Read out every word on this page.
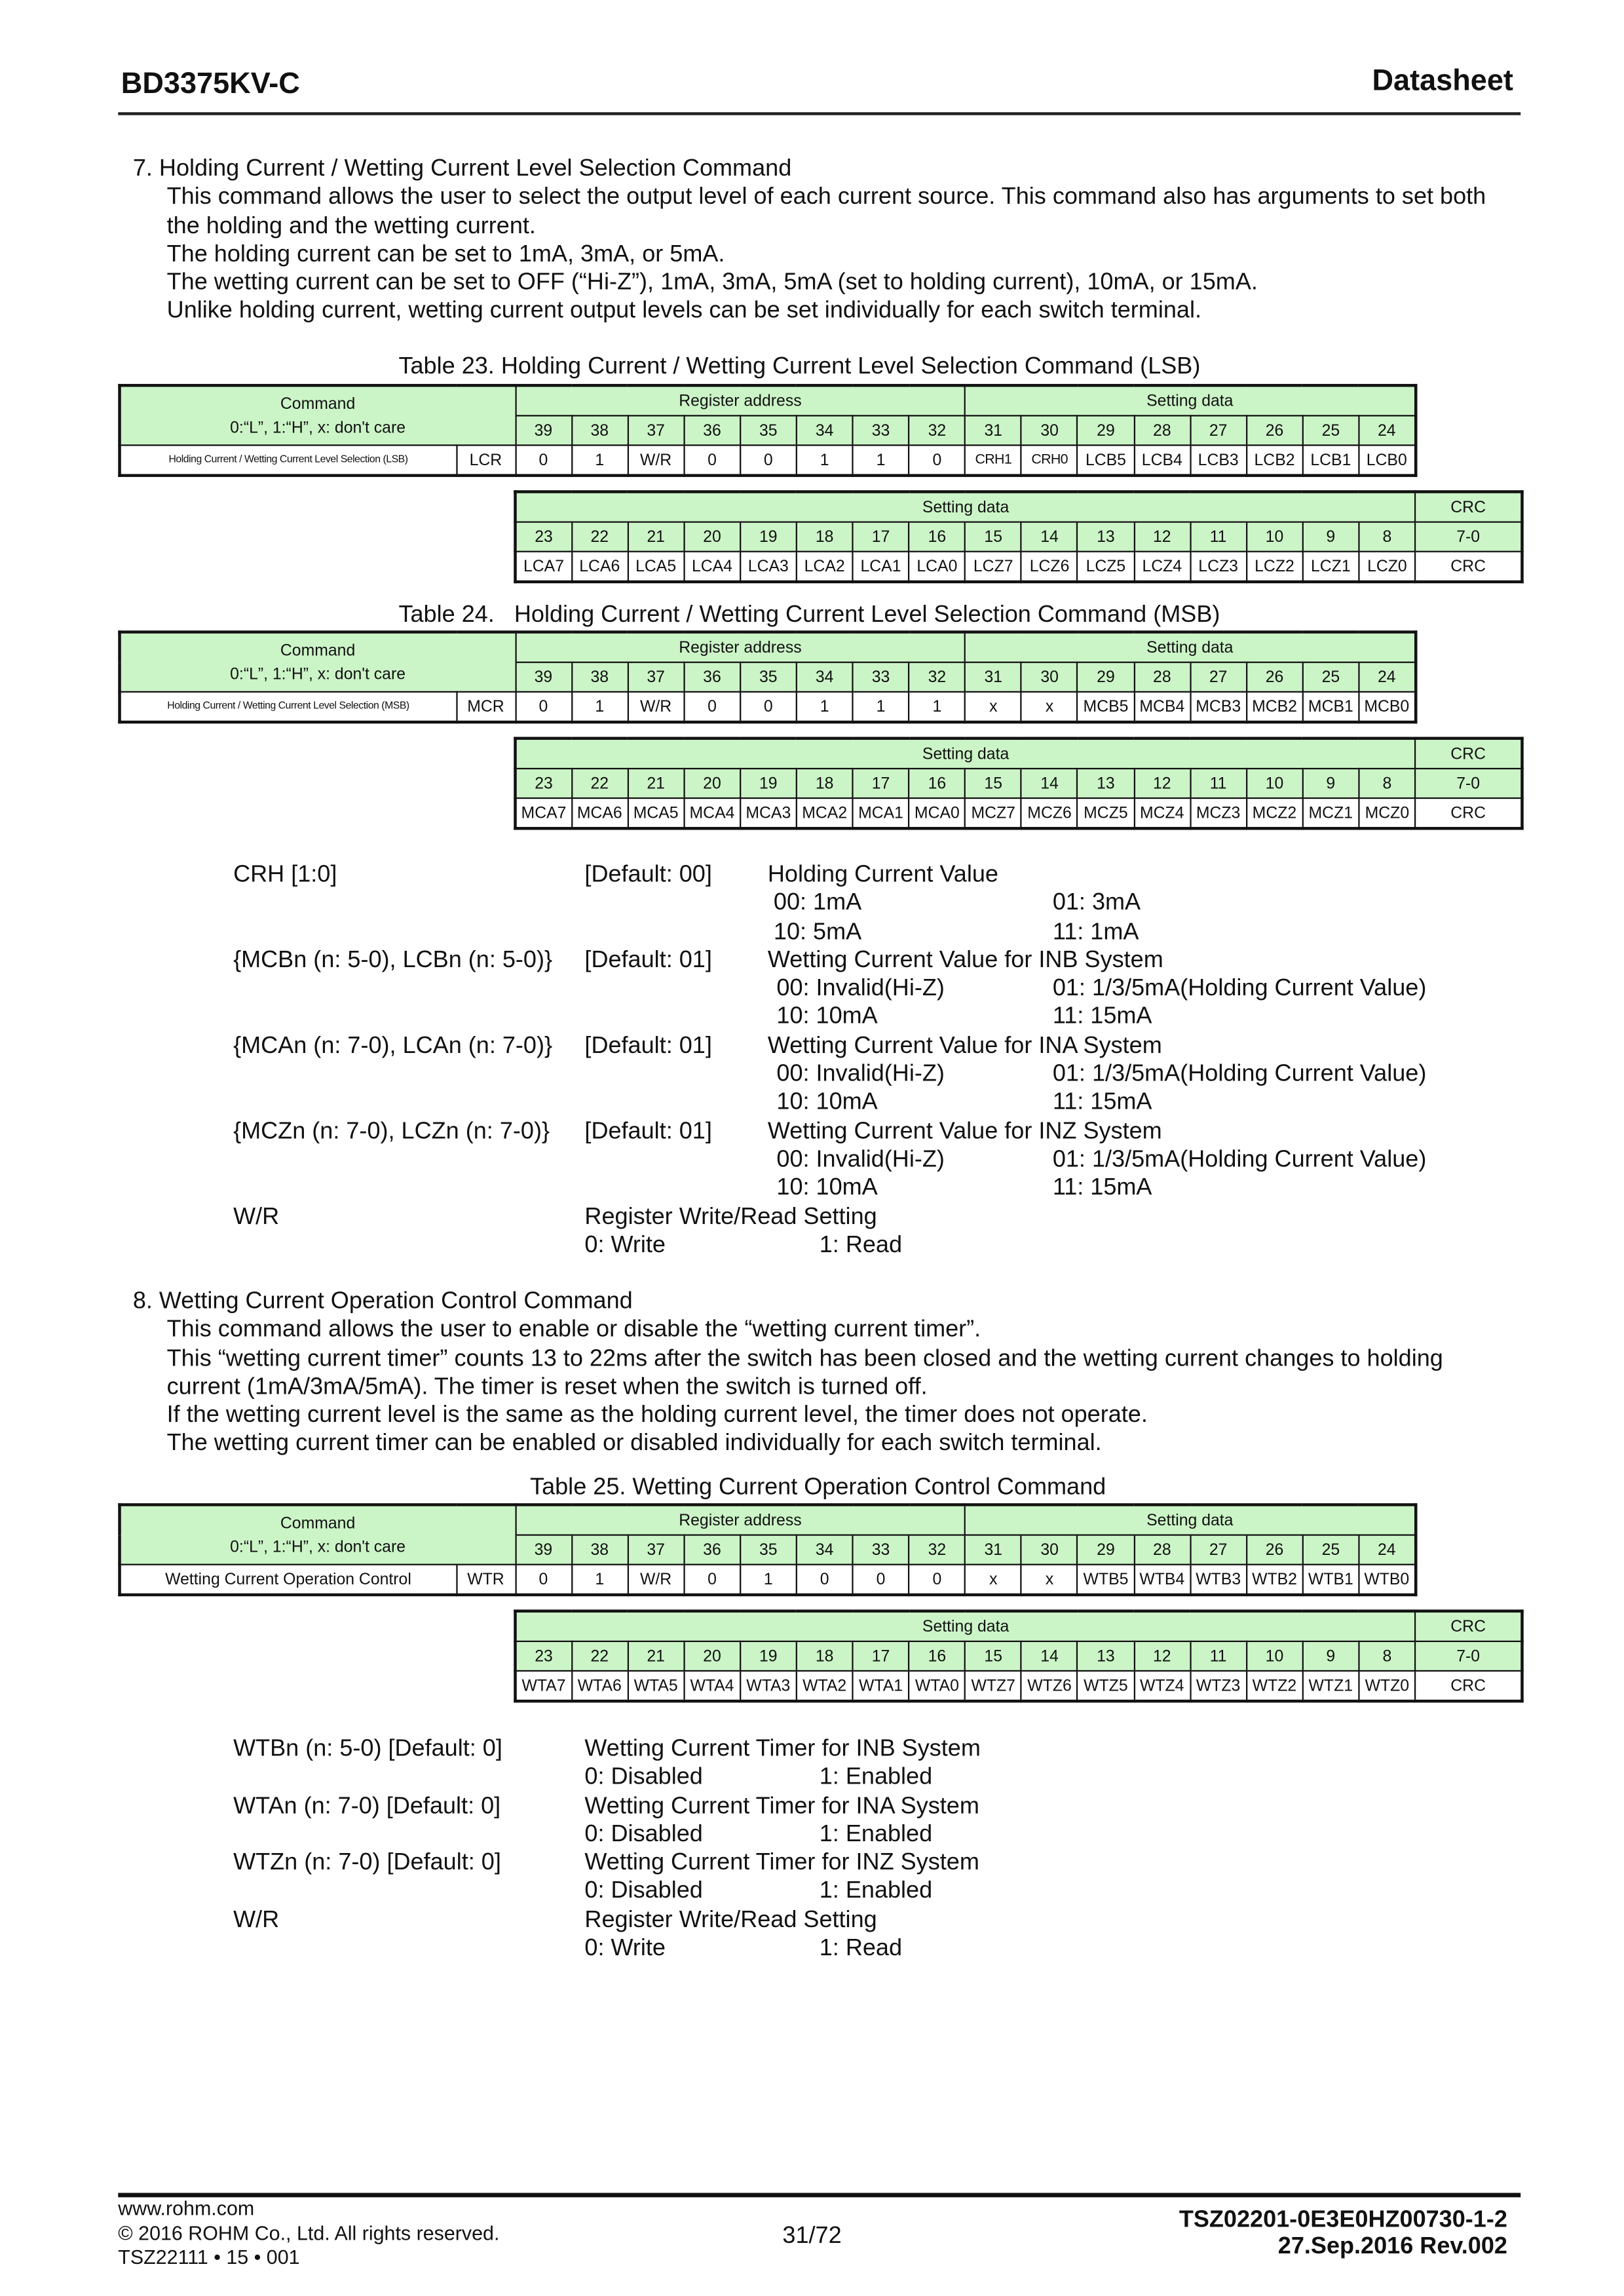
BD3375KV-C	Datasheet
7. Holding Current / Wetting Current Level Selection Command

This command allows the user to select the output level of each current source. This command also has arguments to set both the holding and the wetting current.

The holding current can be set to 1mA, 3mA, or 5mA.

The wetting current can be set to OFF (“Hi-Z”), 1mA, 3mA, 5mA (set to holding current), 10mA, or 15mA.

Unlike holding current, wetting current output levels can be set individually for each switch terminal.

Table 23. Holding Current / Wetting Current Level Selection Command (LSB)
Command
0:“L”, 1:“H”, x: don't care		Register address								Setting data							
		39	38	37	36	35	34	33	32	31	30	29	28	27	26	25	24
Holding Current / Wetting Current Level Selection (LSB)	LCR	0	1	W/R	0	0	1	1	0	CRH1	CRH0	LCB5	LCB4	LCB3	LCB2	LCB1	LCB0
Setting data																CRC
23	22	21	20	19	18	17	16	15	14	13	12	11	10	9	8	7-0
LCA7	LCA6	LCA5	LCA4	LCA3	LCA2	LCA1	LCA0	LCZ7	LCZ6	LCZ5	LCZ4	LCZ3	LCZ2	LCZ1	LCZ0	CRC
Table 24.   Holding Current / Wetting Current Level Selection Command (MSB)
Command
0:“L”, 1:“H”, x: don't care		Register address								Setting data							
		39	38	37	36	35	34	33	32	31	30	29	28	27	26	25	24
Holding Current / Wetting Current Level Selection (MSB)	MCR	0	1	W/R	0	0	1	1	1	x	x	MCB5	MCB4	MCB3	MCB2	MCB1	MCB0
Setting data																CRC
23	22	21	20	19	18	17	16	15	14	13	12	11	10	9	8	7-0
MCA7	MCA6	MCA5	MCA4	MCA3	MCA2	MCA1	MCA0	MCZ7	MCZ6	MCZ5	MCZ4	MCZ3	MCZ2	MCZ1	MCZ0	CRC
CRH [1:0]	[Default: 00]	Holding Current Value
00: 1mA	01: 3mA
10: 5mA	11: 1mA
{MCBn (n: 5-0), LCBn (n: 5-0)}	[Default: 01]	Wetting Current Value for INB System
00: Invalid(Hi-Z)	01: 1/3/5mA(Holding Current Value)
10: 10mA	11: 15mA
{MCAn (n: 7-0), LCAn (n: 7-0)}	[Default: 01]	Wetting Current Value for INA System
00: Invalid(Hi-Z)	01: 1/3/5mA(Holding Current Value)
10: 10mA	11: 15mA
{MCZn (n: 7-0), LCZn (n: 7-0)}	[Default: 01]	Wetting Current Value for INZ System
00: Invalid(Hi-Z)	01: 1/3/5mA(Holding Current Value)
10: 10mA	11: 15mA
W/R	Register Write/Read Setting
0: Write	1: Read
8. Wetting Current Operation Control Command

This command allows the user to enable or disable the “wetting current timer”.

This “wetting current timer” counts 13 to 22ms after the switch has been closed and the wetting current changes to holding current (1mA/3mA/5mA). The timer is reset when the switch is turned off.

If the wetting current level is the same as the holding current level, the timer does not operate.

The wetting current timer can be enabled or disabled individually for each switch terminal.

Table 25. Wetting Current Operation Control Command
Command
0:“L”, 1:“H”, x: don't care		Register address								Setting data							
		39	38	37	36	35	34	33	32	31	30	29	28	27	26	25	24
Wetting Current Operation Control	WTR	0	1	W/R	0	1	0	0	0	x	x	WTB5	WTB4	WTB3	WTB2	WTB1	WTB0
Setting data																CRC
23	22	21	20	19	18	17	16	15	14	13	12	11	10	9	8	7-0
WTA7	WTA6	WTA5	WTA4	WTA3	WTA2	WTA1	WTA0	WTZ7	WTZ6	WTZ5	WTZ4	WTZ3	WTZ2	WTZ1	WTZ0	CRC
WTBn (n: 5-0) [Default: 0]	Wetting Current Timer for INB System
0: Disabled	1: Enabled
WTAn (n: 7-0) [Default: 0]	Wetting Current Timer for INA System
0: Disabled	1: Enabled
WTZn (n: 7-0) [Default: 0]	Wetting Current Timer for INZ System
0: Disabled	1: Enabled
W/R	Register Write/Read Setting
0: Write	1: Read
www.rohm.com
© 2016 ROHM Co., Ltd. All rights reserved.
TSZ22111 • 15 • 001
31/72
TSZ02201-0E3E0HZ00730-1-2
27.Sep.2016 Rev.002
